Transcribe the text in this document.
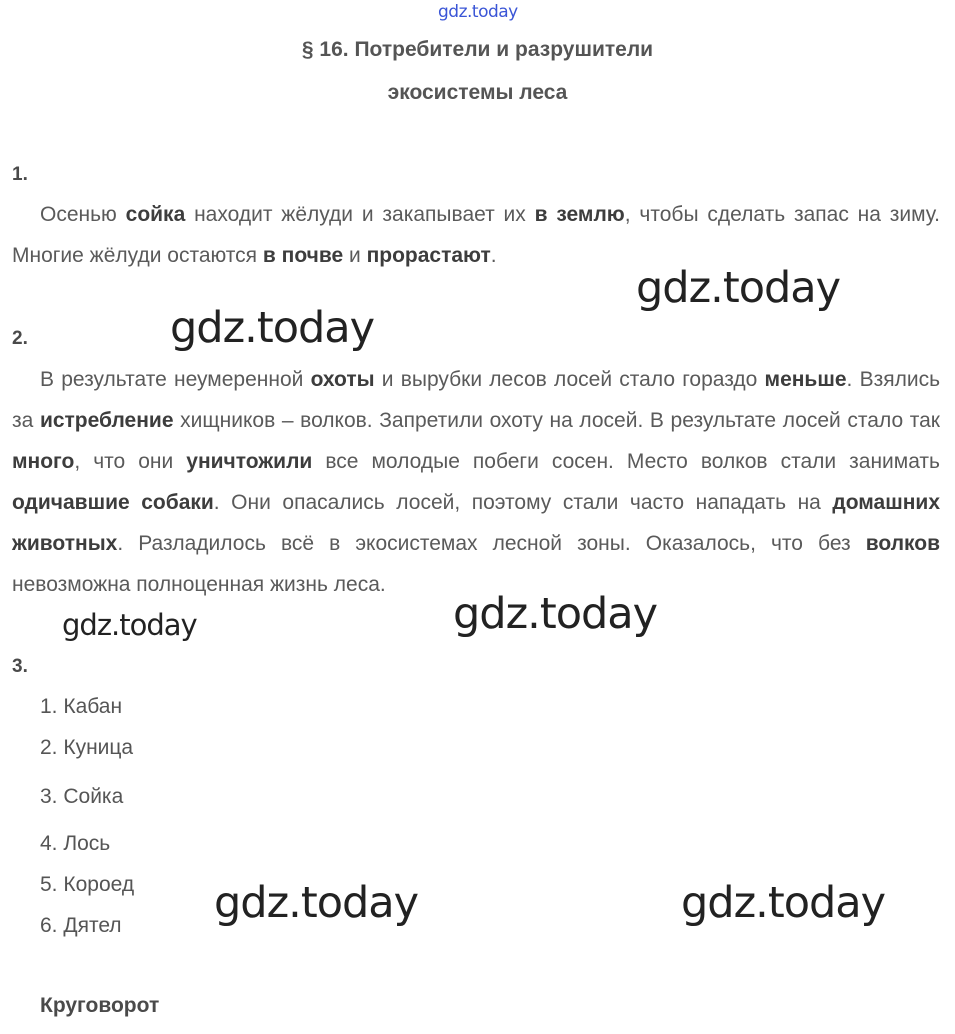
gdz.today
§ 16. Потребители и разрушители
экосистемы леса
1.
Осенью сойка находит жёлуди и закапывает их в землю, чтобы сделать запас на зиму. Многие жёлуди остаются в почве и прорастают.
2.
В результате неумеренной охоты и вырубки лесов лосей стало гораздо меньше. Взялись за истребление хищников – волков. Запретили охоту на лосей. В результате лосей стало так много, что они уничтожили все молодые побеги сосен. Место волков стали занимать одичавшие собаки. Они опасались лосей, поэтому стали часто нападать на домашних животных. Разладилось всё в экосистемах лесной зоны. Оказалось, что без волков невозможна полноценная жизнь леса.
3.
1. Кабан
2. Куница
3. Сойка
4. Лось
5. Короед
6. Дятел
Круговорот
gdz.today
gdz.today
gdz.today	gdz.today
gdz.today	gdz.today
